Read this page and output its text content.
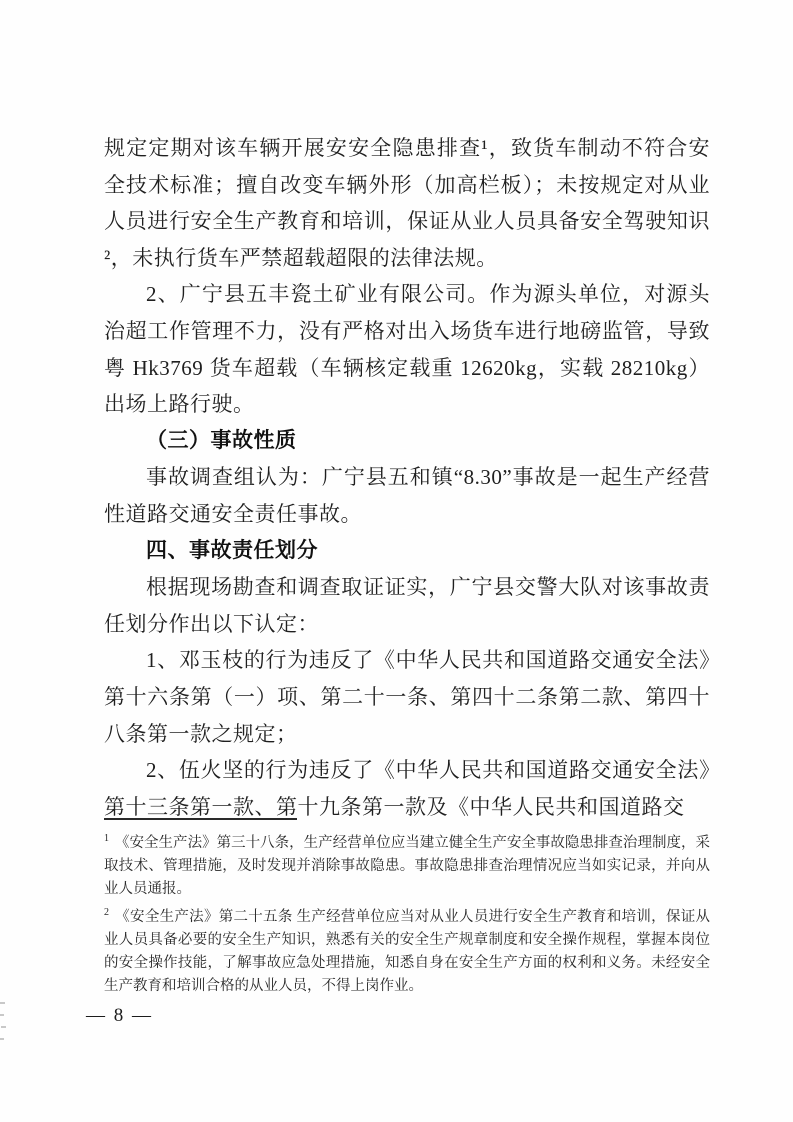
规定定期对该车辆开展安安全隐患排查¹，致货车制动不符合安全技术标准；擅自改变车辆外形（加高栏板）；未按规定对从业人员进行安全生产教育和培训，保证从业人员具备安全驾驶知识²，未执行货车严禁超载超限的法律法规。

2、广宁县五丰瓷土矿业有限公司。作为源头单位，对源头治超工作管理不力，没有严格对出入场货车进行地磅监管，导致粤 Hk3769 货车超载（车辆核定载重 12620kg，实载 28210kg）出场上路行驶。

（三）事故性质

事故调查组认为：广宁县五和镇“8.30”事故是一起生产经营性道路交通安全责任事故。

四、事故责任划分

根据现场勘查和调查取证证实，广宁县交警大队对该事故责任划分作出以下认定：

1、邓玉枝的行为违反了《中华人民共和国道路交通安全法》第十六条第（一）项、第二十一条、第四十二条第二款、第四十八条第一款之规定；

2、伍火坚的行为违反了《中华人民共和国道路交通安全法》第十三条第一款、第十九条第一款及《中华人民共和国道路交

$^1$ 《安全生产法》第三十八条，生产经营单位应当建立健全生产安全事故隐患排查治理制度，采取技术、管理措施，及时发现并消除事故隐患。事故隐患排查治理情况应当如实记录，并向从业人员通报。

$^2$ 《安全生产法》第二十五条 生产经营单位应当对从业人员进行安全生产教育和培训，保证从业人员具备必要的安全生产知识，熟悉有关的安全生产规章制度和安全操作规程，掌握本岗位的安全操作技能，了解事故应急处理措施，知悉自身在安全生产方面的权利和义务。未经安全生产教育和培训合格的从业人员，不得上岗作业。

— 8 —
